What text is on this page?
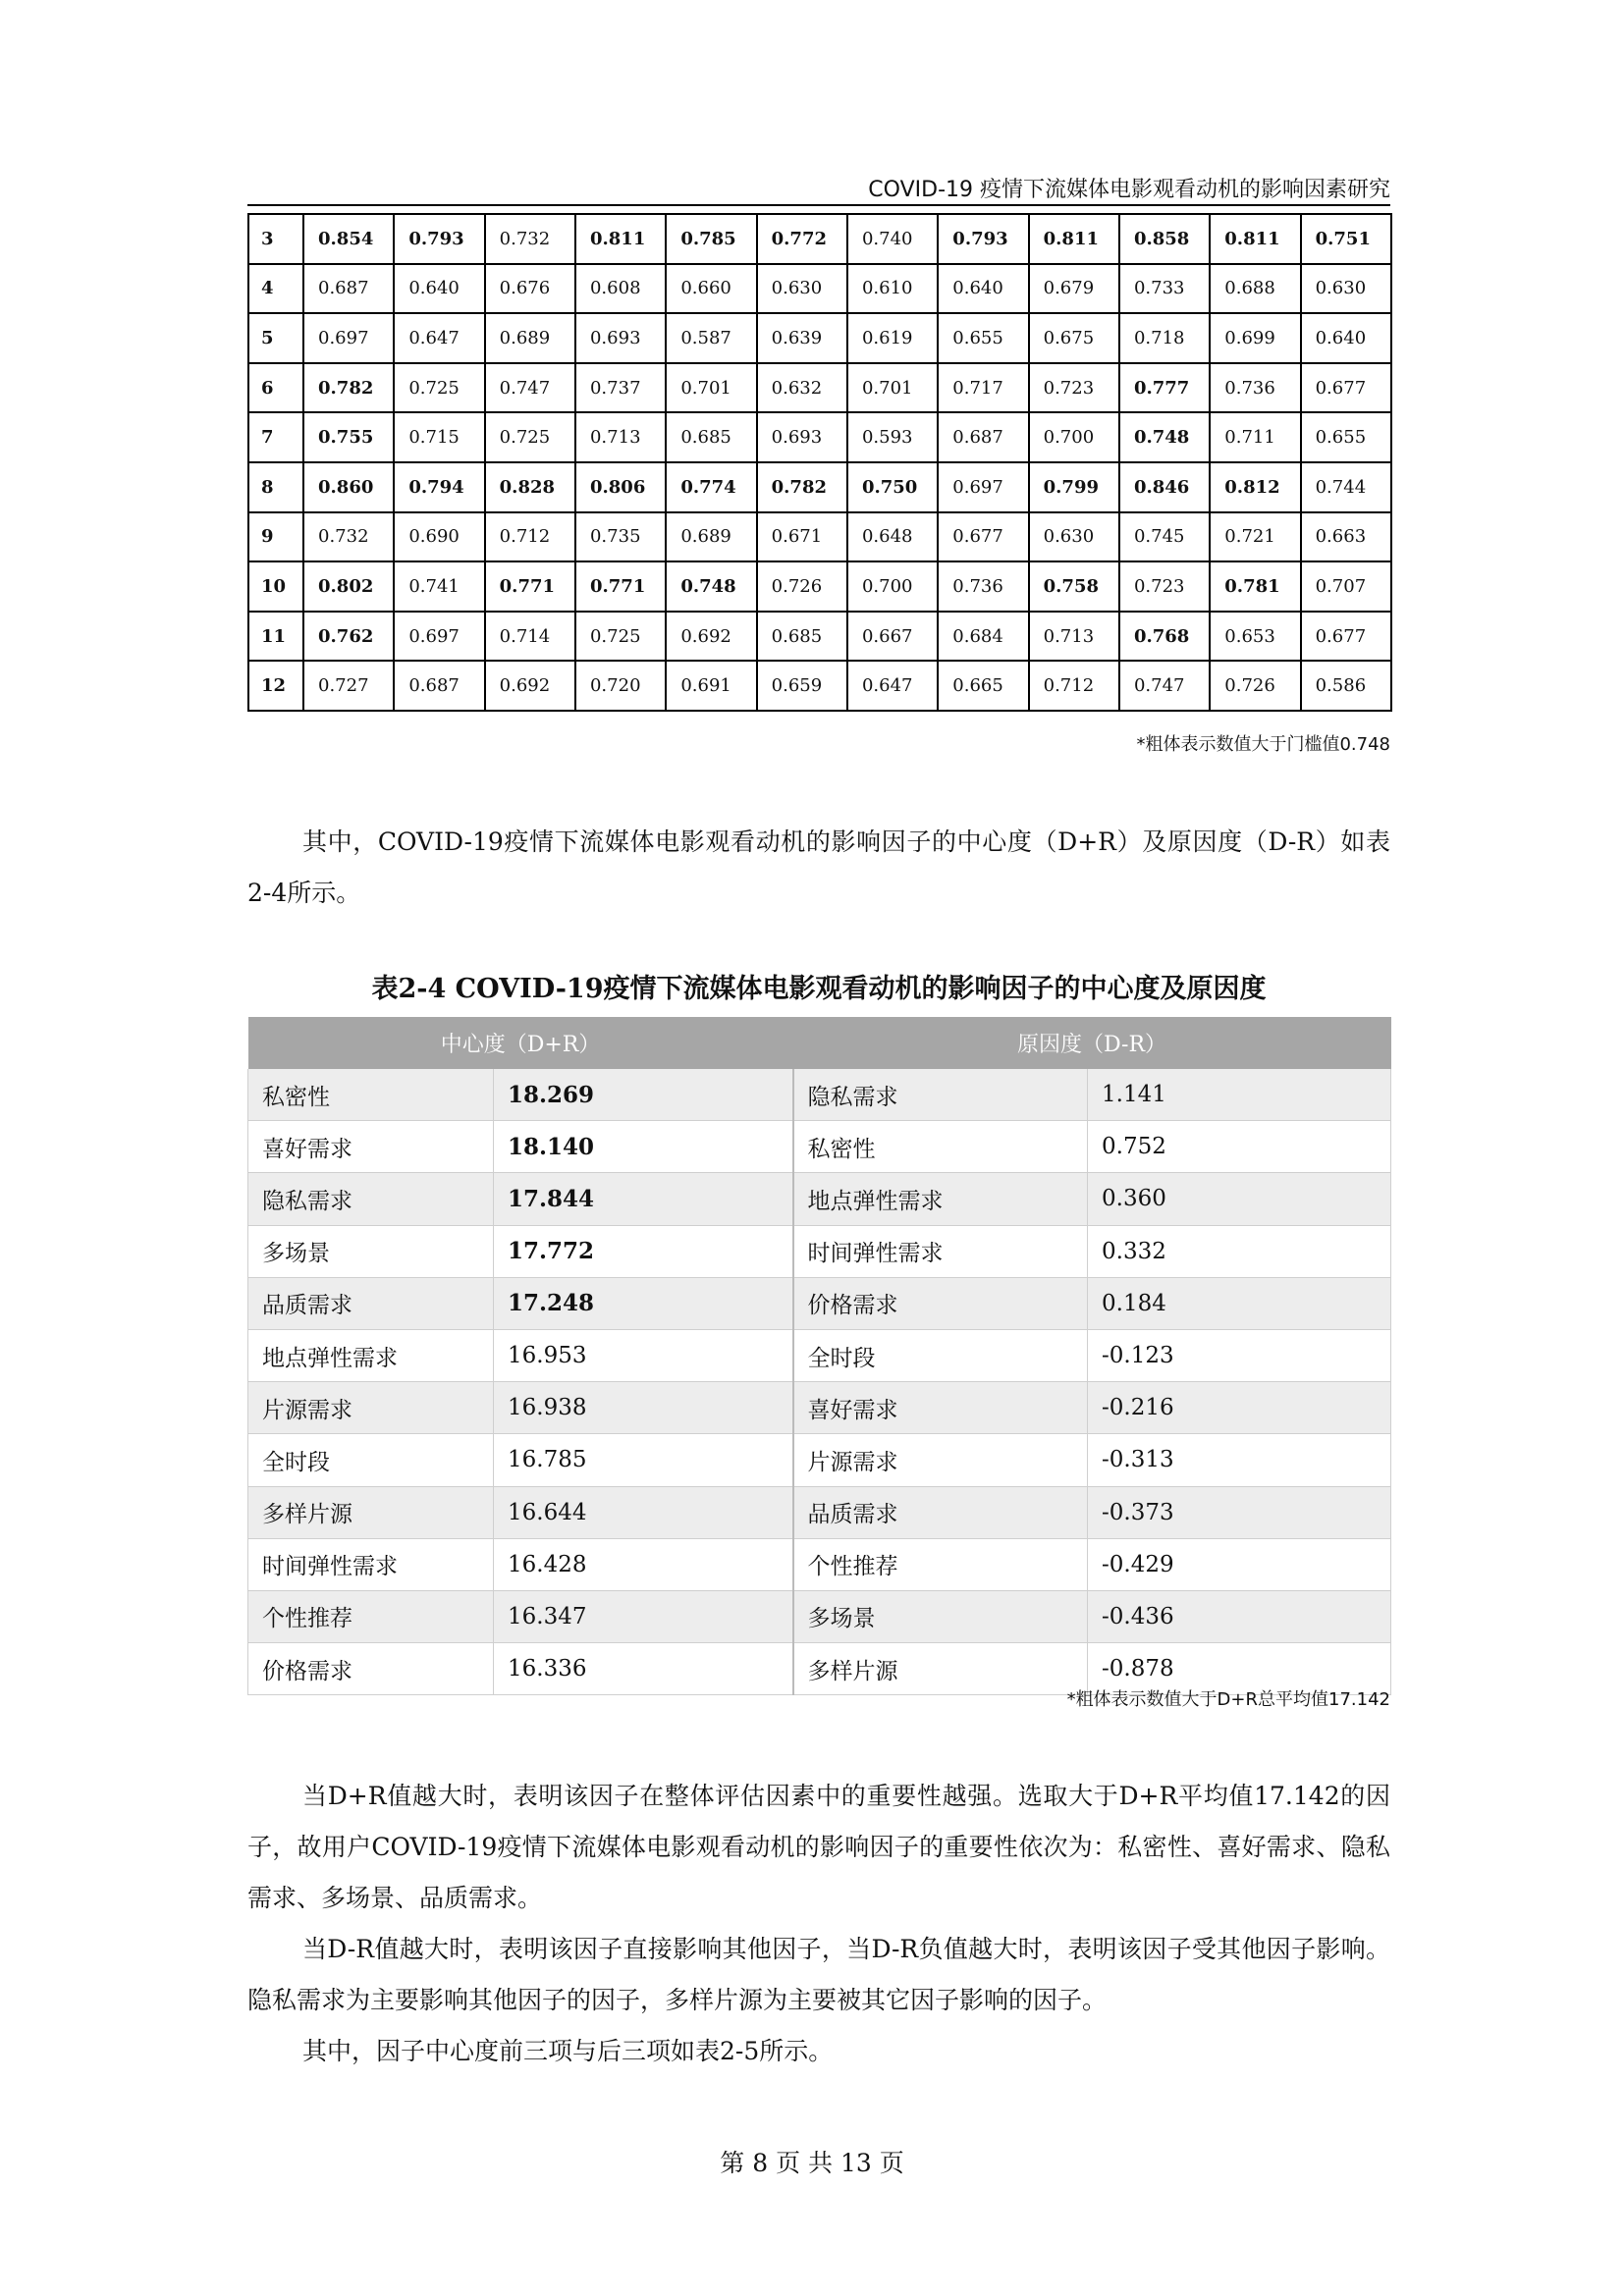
COVID-19 疫情下流媒体电影观看动机的影响因素研究
3	0.854	0.793	0.732	0.811	0.785	0.772	0.740	0.793	0.811	0.858	0.811	0.751
4	0.687	0.640	0.676	0.608	0.660	0.630	0.610	0.640	0.679	0.733	0.688	0.630
5	0.697	0.647	0.689	0.693	0.587	0.639	0.619	0.655	0.675	0.718	0.699	0.640
6	0.782	0.725	0.747	0.737	0.701	0.632	0.701	0.717	0.723	0.777	0.736	0.677
7	0.755	0.715	0.725	0.713	0.685	0.693	0.593	0.687	0.700	0.748	0.711	0.655
8	0.860	0.794	0.828	0.806	0.774	0.782	0.750	0.697	0.799	0.846	0.812	0.744
9	0.732	0.690	0.712	0.735	0.689	0.671	0.648	0.677	0.630	0.745	0.721	0.663
10	0.802	0.741	0.771	0.771	0.748	0.726	0.700	0.736	0.758	0.723	0.781	0.707
11	0.762	0.697	0.714	0.725	0.692	0.685	0.667	0.684	0.713	0.768	0.653	0.677
12	0.727	0.687	0.692	0.720	0.691	0.659	0.647	0.665	0.712	0.747	0.726	0.586
*粗体表示数值大于门槛值0.748

其中，COVID-19疫情下流媒体电影观看动机的影响因子的中心度（D+R）及原因度（D-R）如表2-4所示。

表2-4 COVID-19疫情下流媒体电影观看动机的影响因子的中心度及原因度
中心度（D+R）		原因度（D-R）	
私密性	18.269	隐私需求	1.141
喜好需求	18.140	私密性	0.752
隐私需求	17.844	地点弹性需求	0.360
多场景	17.772	时间弹性需求	0.332
品质需求	17.248	价格需求	0.184
地点弹性需求	16.953	全时段	-0.123
片源需求	16.938	喜好需求	-0.216
全时段	16.785	片源需求	-0.313
多样片源	16.644	品质需求	-0.373
时间弹性需求	16.428	个性推荐	-0.429
个性推荐	16.347	多场景	-0.436
价格需求	16.336	多样片源	-0.878
*粗体表示数值大于D+R总平均值17.142

当D+R值越大时，表明该因子在整体评估因素中的重要性越强。选取大于D+R平均值17.142的因子，故用户COVID-19疫情下流媒体电影观看动机的影响因子的重要性依次为：私密性、喜好需求、隐私需求、多场景、品质需求。

当D-R值越大时，表明该因子直接影响其他因子，当D-R负值越大时，表明该因子受其他因子影响。隐私需求为主要影响其他因子的因子，多样片源为主要被其它因子影响的因子。

其中，因子中心度前三项与后三项如表2-5所示。

第 8 页 共 13 页
